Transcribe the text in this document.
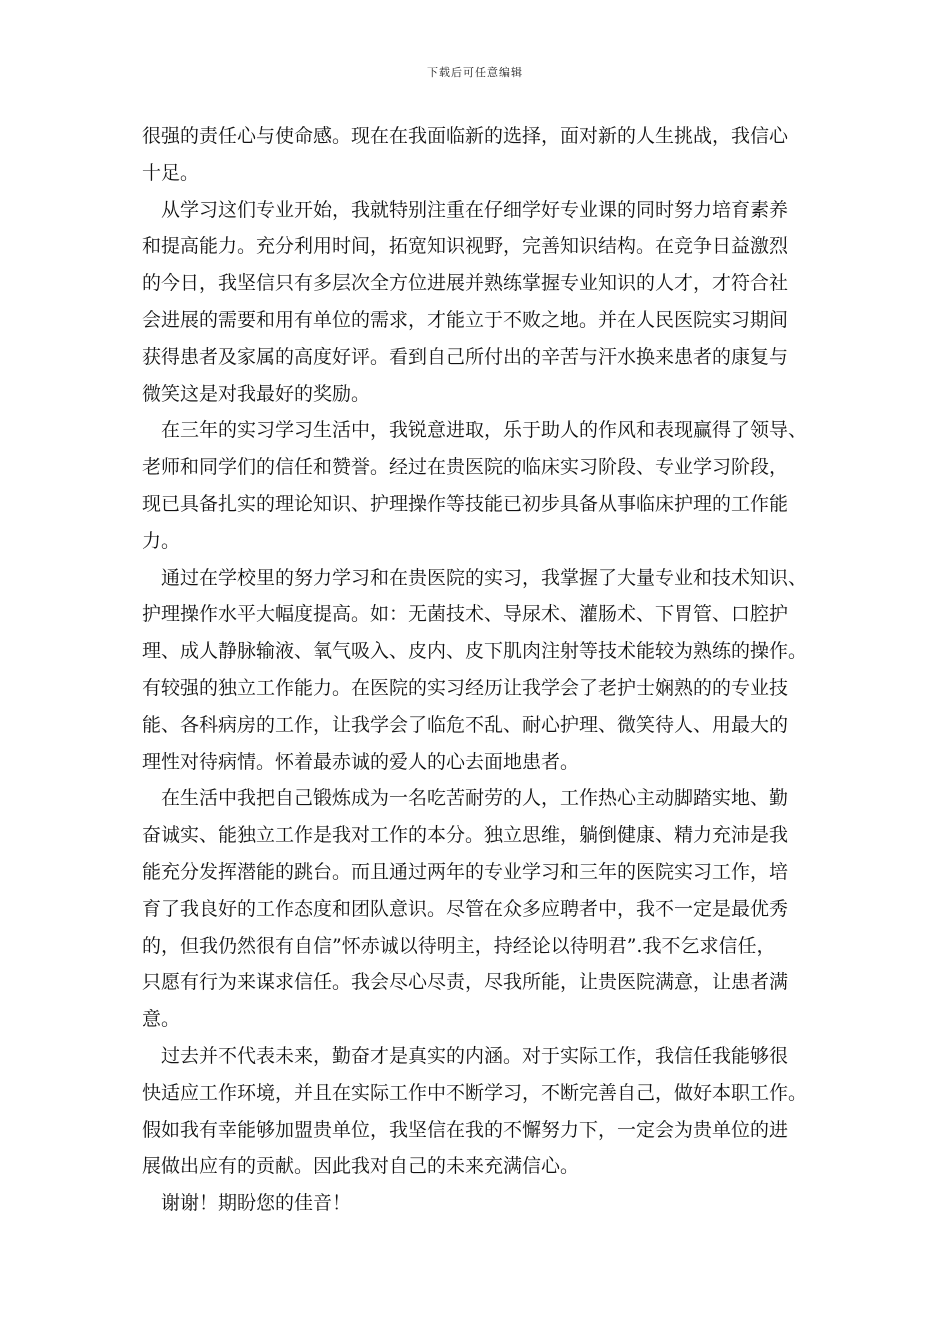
下载后可任意编辑
很强的责任心与使命感。现在在我面临新的选择，面对新的人生挑战，我信心
十足。
从学习这们专业开始，我就特别注重在仔细学好专业课的同时努力培育素养
和提高能力。充分利用时间，拓宽知识视野，完善知识结构。在竞争日益激烈
的今日，我坚信只有多层次全方位进展并熟练掌握专业知识的人才，才符合社
会进展的需要和用有单位的需求，才能立于不败之地。并在人民医院实习期间
获得患者及家属的高度好评。看到自己所付出的辛苦与汗水换来患者的康复与
微笑这是对我最好的奖励。
在三年的实习学习生活中，我锐意进取，乐于助人的作风和表现赢得了领导、
老师和同学们的信任和赞誉。经过在贵医院的临床实习阶段、专业学习阶段，
现已具备扎实的理论知识、护理操作等技能已初步具备从事临床护理的工作能
力。
通过在学校里的努力学习和在贵医院的实习，我掌握了大量专业和技术知识、
护理操作水平大幅度提高。如：无菌技术、导尿术、灌肠术、下胃管、口腔护
理、成人静脉输液、氧气吸入、皮内、皮下肌肉注射等技术能较为熟练的操作。
有较强的独立工作能力。在医院的实习经历让我学会了老护士娴熟的的专业技
能、各科病房的工作，让我学会了临危不乱、耐心护理、微笑待人、用最大的
理性对待病情。怀着最赤诚的爱人的心去面地患者。
在生活中我把自己锻炼成为一名吃苦耐劳的人，工作热心主动脚踏实地、勤
奋诚实、能独立工作是我对工作的本分。独立思维，躺倒健康、精力充沛是我
能充分发挥潜能的跳台。而且通过两年的专业学习和三年的医院实习工作，培
育了我良好的工作态度和团队意识。尽管在众多应聘者中，我不一定是最优秀
的，但我仍然很有自信”怀赤诚以待明主，持经论以待明君”.我不乞求信任，
只愿有行为来谋求信任。我会尽心尽责，尽我所能，让贵医院满意，让患者满
意。
过去并不代表未来，勤奋才是真实的内涵。对于实际工作，我信任我能够很
快适应工作环境，并且在实际工作中不断学习，不断完善自己，做好本职工作。
假如我有幸能够加盟贵单位，我坚信在我的不懈努力下，一定会为贵单位的进
展做出应有的贡献。因此我对自己的未来充满信心。
谢谢！期盼您的佳音！
